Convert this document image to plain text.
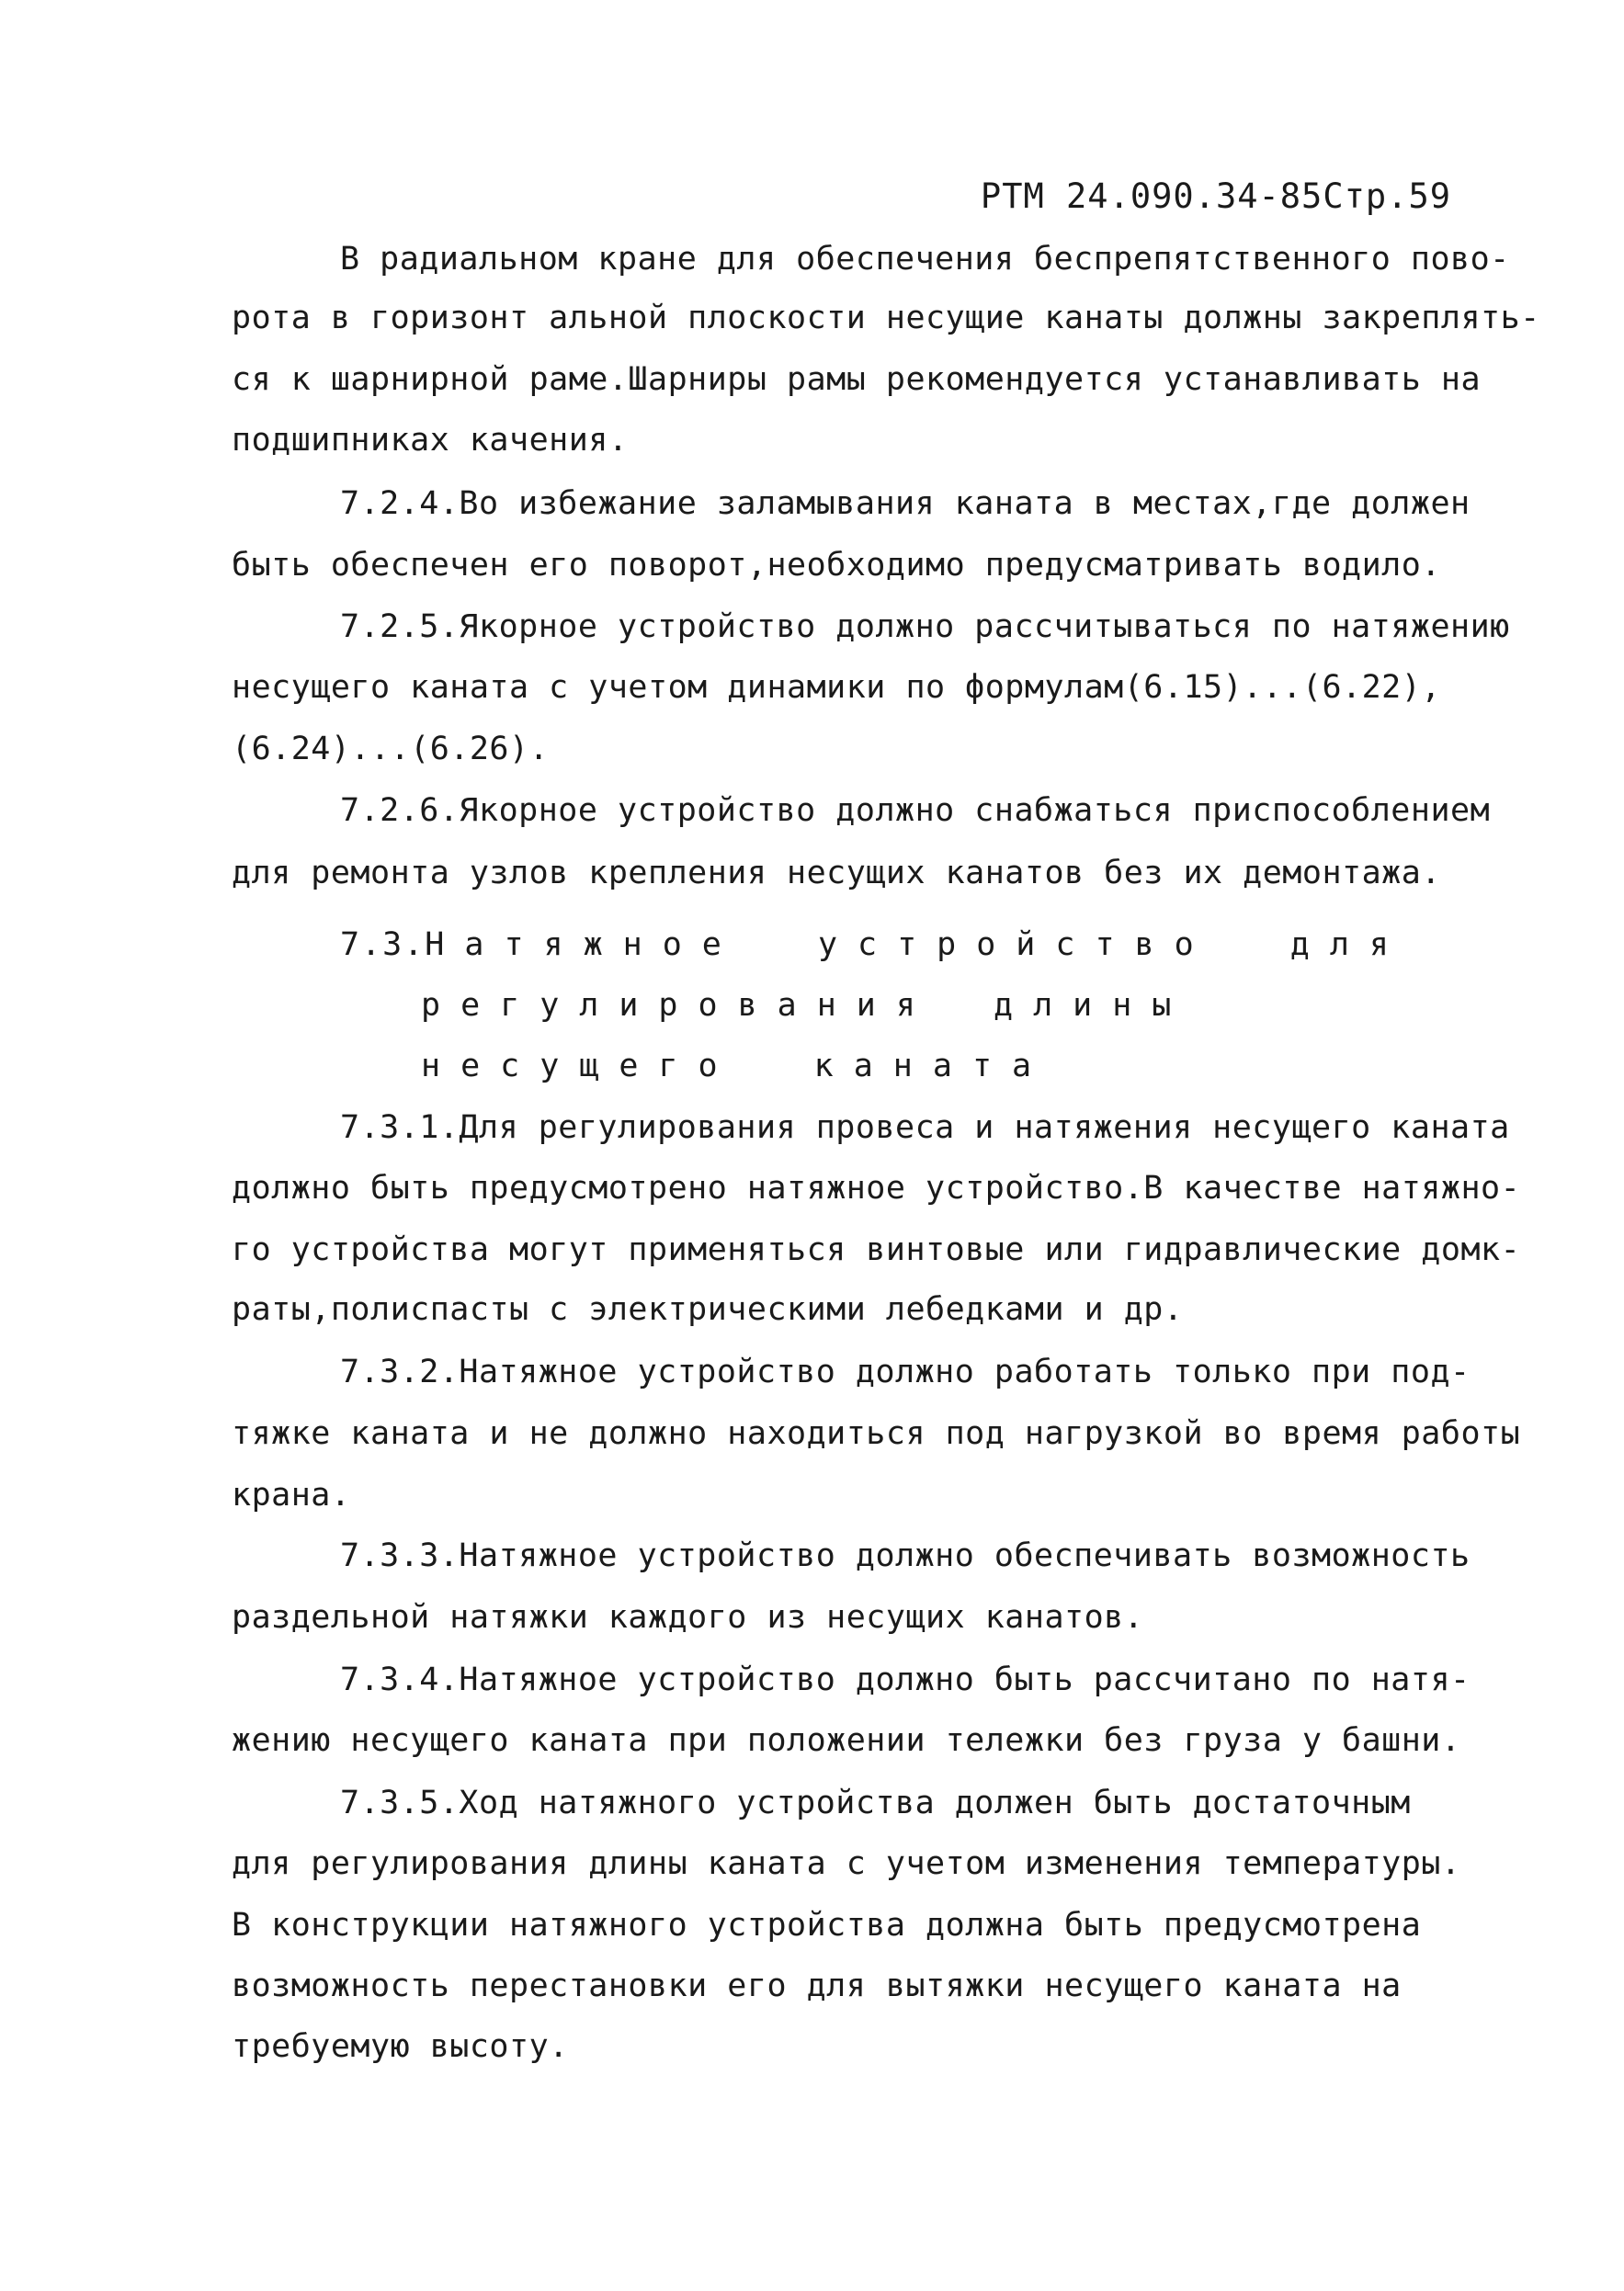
РТМ 24.090.34-85Стр.59
В радиальном кране для обеспечения беспрепятственного пово-
рота в горизонт альной плоскости несущие канаты должны закреплять-
ся к шарнирной раме.Шарниры рамы рекомендуется устанавливать на
подшипниках качения.
7.2.4.Во избежание заламывания каната в местах,где должен
быть обеспечен его поворот,необходимо предусматривать водило.
7.2.5.Якорное устройство должно рассчитываться по натяжению
несущего каната с учетом динамики по формулам(6.15)...(6.22),
(6.24)...(6.26).
7.2.6.Якорное устройство должно снабжаться приспособлением
для ремонта узлов крепления несущих канатов без их демонтажа.
7.3.Натяжное устройство для
регулирования длины
несущего каната
7.3.1.Для регулирования провеса и натяжения несущего каната
должно быть предусмотрено натяжное устройство.В качестве натяжно-
го устройства могут применяться винтовые или гидравлические домк-
раты,полиспасты с электрическими лебедками и др.
7.3.2.Натяжное устройство должно работать только при под-
тяжке каната и не должно находиться под нагрузкой во время работы
крана.
7.3.3.Натяжное устройство должно обеспечивать возможность
раздельной натяжки каждого из несущих канатов.
7.3.4.Натяжное устройство должно быть рассчитано по натя-
жению несущего каната при положении тележки без груза у башни.
7.3.5.Ход натяжного устройства должен быть достаточным
для регулирования длины каната с учетом изменения температуры.
В конструкции натяжного устройства должна быть предусмотрена
возможность перестановки его для вытяжки несущего каната на
требуемую высоту.
